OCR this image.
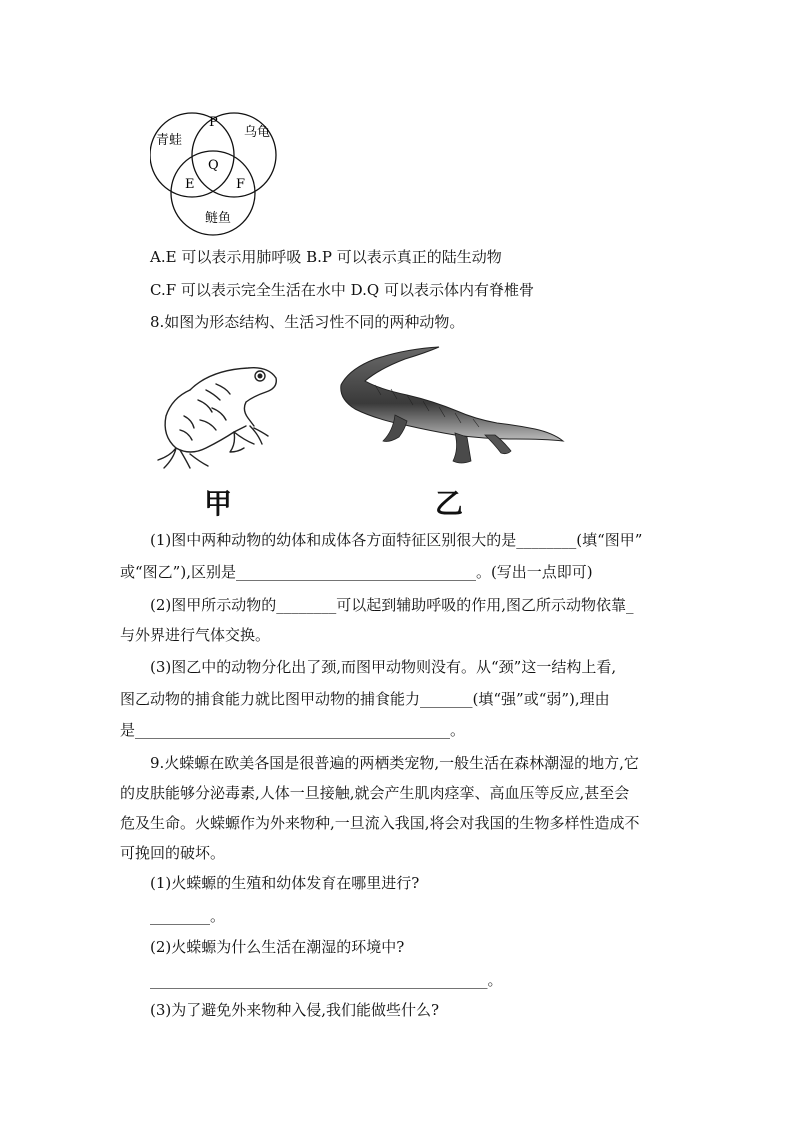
青蛙
乌龟
鲢鱼
P
Q
E	F
A.E 可以表示用肺呼吸 B.P 可以表示真正的陆生动物
C.F 可以表示完全生活在水中 D.Q 可以表示体内有脊椎骨
8.如图为形态结构、生活习性不同的两种动物。
甲	乙
(1)图中两种动物的幼体和成体各方面特征区别很大的是________(填“图甲”
或“图乙”),区别是________________________________。(写出一点即可)
(2)图甲所示动物的________可以起到辅助呼吸的作用,图乙所示动物依靠_
与外界进行气体交换。
(3)图乙中的动物分化出了颈,而图甲动物则没有。从“颈”这一结构上看,
图乙动物的捕食能力就比图甲动物的捕食能力_______(填“强”或“弱”),理由
是__________________________________________。
9.火蝾螈在欧美各国是很普遍的两栖类宠物,一般生活在森林潮湿的地方,它
的皮肤能够分泌毒素,人体一旦接触,就会产生肌肉痉挛、高血压等反应,甚至会
危及生命。火蝾螈作为外来物种,一旦流入我国,将会对我国的生物多样性造成不
可挽回的破坏。
(1)火蝾螈的生殖和幼体发育在哪里进行?
________。
(2)火蝾螈为什么生活在潮湿的环境中?
_____________________________________________。
(3)为了避免外来物种入侵,我们能做些什么?
